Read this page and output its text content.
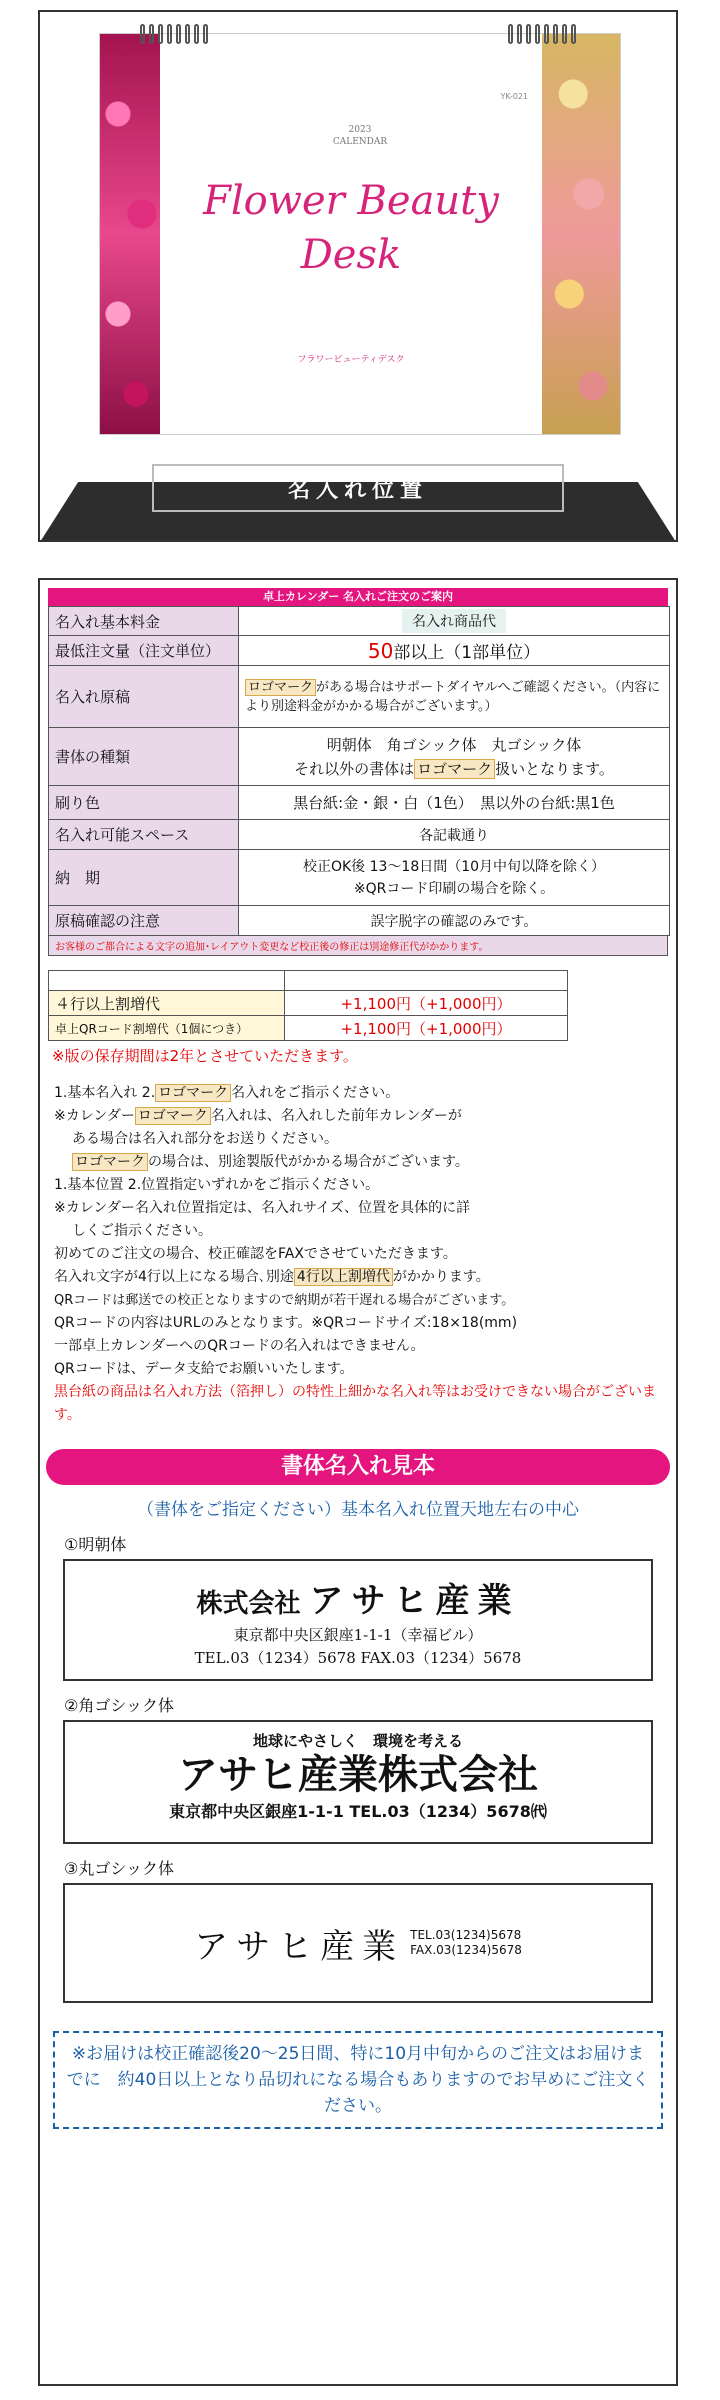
YK-021
2023
CALENDAR
Flower Beauty
Desk
フラワービューティデスク
名入れ位置
卓上カレンダー 名入れご注文のご案内
名入れ基本料金	名入れ商品代
最低注文量（注文単位）	50部以上（1部単位）
名入れ原稿	ロゴマーク がある場合はサポートダイヤルへご確認ください。（内容により別途料金がかかる場合がございます。）
書体の種類	明朝体　角ゴシック体　丸ゴシック体
それ以外の書体は ロゴマーク 扱いとなります。

刷り色	黒台紙:金・銀・白（1色）　黒以外の台紙:黒1色
名入れ可能スペース	各記載通り
納　期	校正OK後 13～18日間（10月中旬以降を除く）
※QRコード印刷の場合を除く。

原稿確認の注意	誤字脱字の確認のみです。
お客様のご都合による文字の追加･レイアウト変更など校正後の修正は別途修正代がかかります。

４行以上割増代	+1,100円（+1,000円）
卓上QRコード割増代（1個につき）	+1,100円（+1,000円）
※版の保存期間は2年とさせていただきます。

1.基本名入れ 2. ロゴマーク 名入れをご指示ください。

※カレンダー ロゴマーク 名入れは、名入れした前年カレンダーが

ある場合は名入れ部分をお送りください。

ロゴマーク の場合は、別途製版代がかかる場合がございます。

1.基本位置 2.位置指定いずれかをご指示ください。

※カレンダー名入れ位置指定は、名入れサイズ、位置を具体的に詳

しくご指示ください。

初めてのご注文の場合、校正確認をFAXでさせていただきます。

名入れ文字が4行以上になる場合､別途 4行以上割増代 がかかります。

QRコードは郵送での校正となりますので納期が若干遅れる場合がございます。

QRコードの内容はURLのみとなります。※QRコードサイズ:18×18(mm)

一部卓上カレンダーへのQRコードの名入れはできません。

QRコードは、データ支給でお願いいたします。

黒台紙の商品は名入れ方法（箔押し）の特性上細かな名入れ等はお受けできない場合がございます。

書体名入れ見本
（書体をご指定ください）基本名入れ位置天地左右の中心
①明朝体
株式会社 アサヒ産業
東京都中央区銀座1-1-1（幸福ビル）
TEL.03（1234）5678 FAX.03（1234）5678
②角ゴシック体
地球にやさしく　環境を考える
アサヒ産業株式会社
東京都中央区銀座1-1-1 TEL.03（1234）5678㈹
③丸ゴシック体
アサヒ産業 TEL.03(1234)5678
FAX.03(1234)5678
※お届けは校正確認後20～25日間、特に10月中旬からのご注文はお届けまでに　約40日以上となり品切れになる場合もありますのでお早めにご注文ください。
